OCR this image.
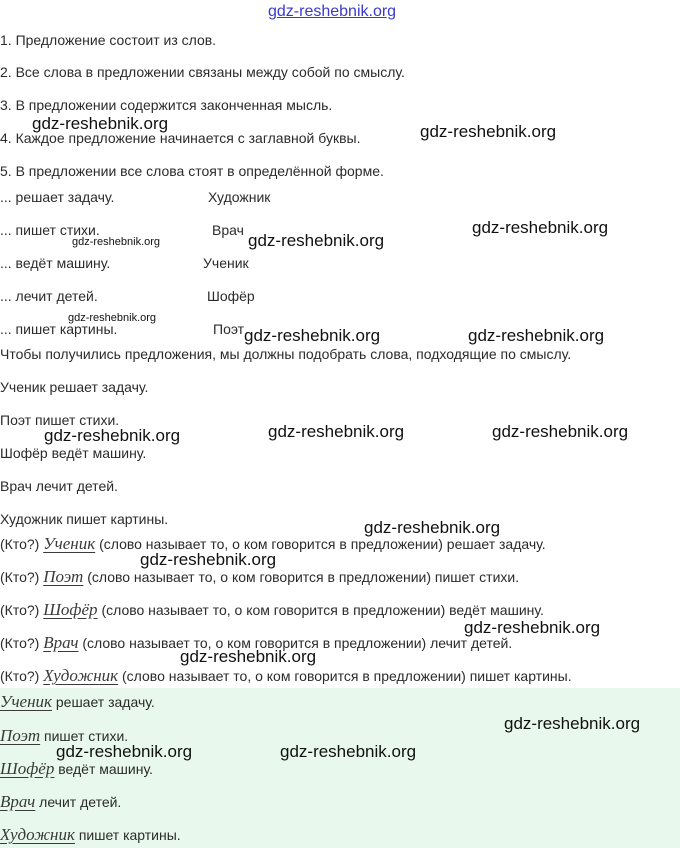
gdz-reshebnik.org
1. Предложение состоит из слов.
2. Все слова в предложении связаны между собой по смыслу.
3. В предложении содержится законченная мысль.
4. Каждое предложение начинается с заглавной буквы.
5. В предложении все слова стоят в определённой форме.
... решает задачу.	Художник
... пишет стихи.	Врач
... ведёт машину.	Ученик
... лечит детей.	Шофёр
... пишет картины.	Поэт
Чтобы получились предложения, мы должны подобрать слова, подходящие по смыслу.
Ученик решает задачу.
Поэт пишет стихи.
Шофёр ведёт машину.
Врач лечит детей.
Художник пишет картины.
(Кто?) Ученик (слово называет то, о ком говорится в предложении) решает задачу.
(Кто?) Поэт (слово называет то, о ком говорится в предложении) пишет стихи.
(Кто?) Шофёр (слово называет то, о ком говорится в предложении) ведёт машину.
(Кто?) Врач (слово называет то, о ком говорится в предложении) лечит детей.
(Кто?) Художник (слово называет то, о ком говорится в предложении) пишет картины.
Ученик решает задачу.
Поэт пишет стихи.
Шофёр ведёт машину.
Врач лечит детей.
Художник пишет картины.
gdz-reshebnik.org	gdz-reshebnik.org
gdz-reshebnik.org
gdz-reshebnik.org	gdz-reshebnik.org
gdz-reshebnik.org
gdz-reshebnik.org	gdz-reshebnik.org
gdz-reshebnik.org	gdz-reshebnik.org	gdz-reshebnik.org
gdz-reshebnik.org
gdz-reshebnik.org
gdz-reshebnik.org
gdz-reshebnik.org
gdz-reshebnik.org
gdz-reshebnik.org	gdz-reshebnik.org
